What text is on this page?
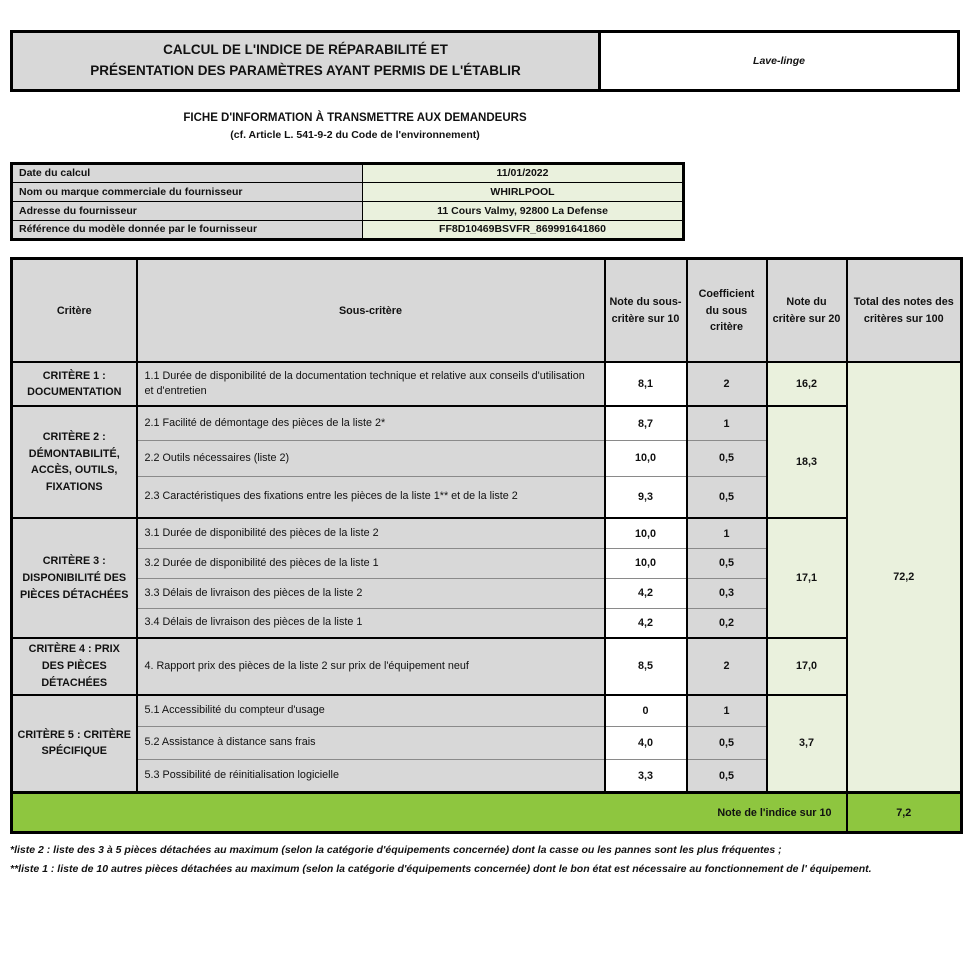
CALCUL DE L'INDICE DE RÉPARABILITÉ ET
PRÉSENTATION DES PARAMÈTRES AYANT PERMIS DE L'ÉTABLIR	Lave-linge
FICHE D'INFORMATION À TRANSMETTRE AUX DEMANDEURS
(cf. Article L. 541-9-2 du Code de l'environnement)
Date du calcul	11/01/2022
Nom ou marque commerciale du fournisseur	WHIRLPOOL
Adresse du fournisseur	11 Cours Valmy, 92800 La Defense
Référence du modèle donnée par le fournisseur	FF8D10469BSVFR_869991641860
Critère	Sous-critère	Note du sous-critère sur 10	Coefficient du sous critère	Note du critère sur 20	Total des notes des critères sur 100
CRITÈRE 1 : DOCUMENTATION	1.1 Durée de disponibilité de la documentation technique et relative aux conseils d'utilisation et d'entretien	8,1	2	16,2	72,2
CRITÈRE 2 : DÉMONTABILITÉ, ACCÈS, OUTILS, FIXATIONS	2.1 Facilité de démontage des pièces de la liste 2*	8,7	1	18,3	
	2.2 Outils nécessaires (liste 2)	10,0	0,5		
	2.3 Caractéristiques des fixations entre les pièces de la liste 1** et de la liste 2	9,3	0,5		
CRITÈRE 3 : DISPONIBILITÉ DES PIÈCES DÉTACHÉES	3.1 Durée de disponibilité des pièces de la liste 2	10,0	1	17,1	
	3.2 Durée de disponibilité des pièces de la liste 1	10,0	0,5		
	3.3 Délais de livraison des pièces de la liste 2	4,2	0,3		
	3.4 Délais de livraison des pièces de la liste 1	4,2	0,2		
CRITÈRE 4 : PRIX DES PIÈCES DÉTACHÉES	4. Rapport prix des pièces de la liste 2 sur prix de l'équipement neuf	8,5	2	17,0	
CRITÈRE 5 : CRITÈRE SPÉCIFIQUE	5.1 Accessibilité du compteur d'usage	0	1	3,7	
	5.2 Assistance à distance sans frais	4,0	0,5		
	5.3 Possibilité de réinitialisation logicielle	3,3	0,5		
Note de l'indice sur 10					7,2
*liste 2 : liste des 3 à 5 pièces détachées au maximum (selon la catégorie d'équipements concernée) dont la casse ou les pannes sont les plus fréquentes ;
**liste 1 : liste de 10 autres pièces détachées au maximum (selon la catégorie d'équipements concernée) dont le bon état est nécessaire au fonctionnement de l' équipement.
